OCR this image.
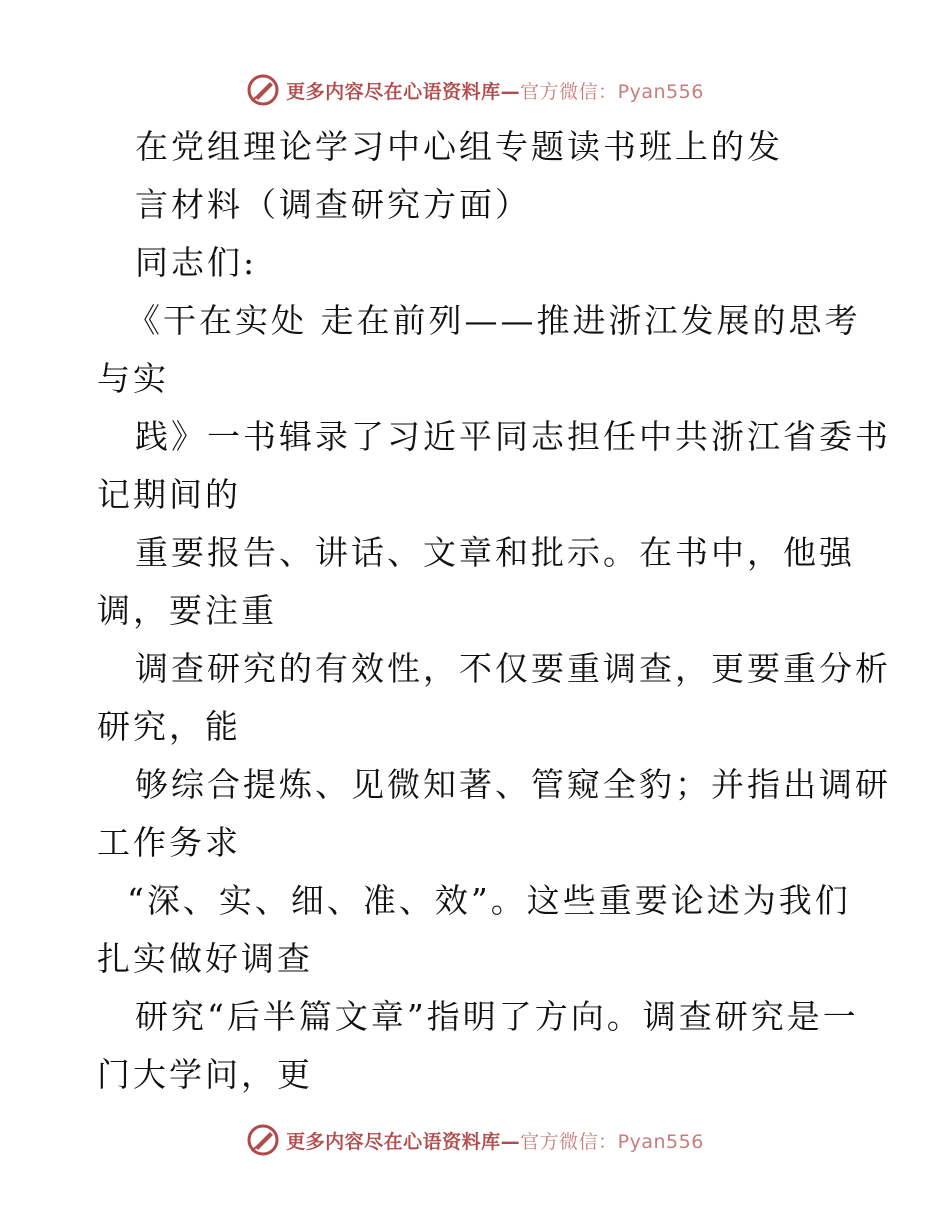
更多内容尽在心语资料库—官方微信：Pyan556
在党组理论学习中心组专题读书班上的发
言材料（调查研究方面）
同志们:
《干在实处 走在前列——推进浙江发展的思考
与实
践》一书辑录了习近平同志担任中共浙江省委书
记期间的
重要报告、讲话、文章和批示。在书中，他强
调，要注重
调查研究的有效性，不仅要重调查，更要重分析
研究，能
够综合提炼、见微知著、管窥全豹；并指出调研
工作务求
“深、实、细、准、效”。这些重要论述为我们
扎实做好调查
研究“后半篇文章”指明了方向。调查研究是一
门大学问，更
更多内容尽在心语资料库—官方微信：Pyan556
